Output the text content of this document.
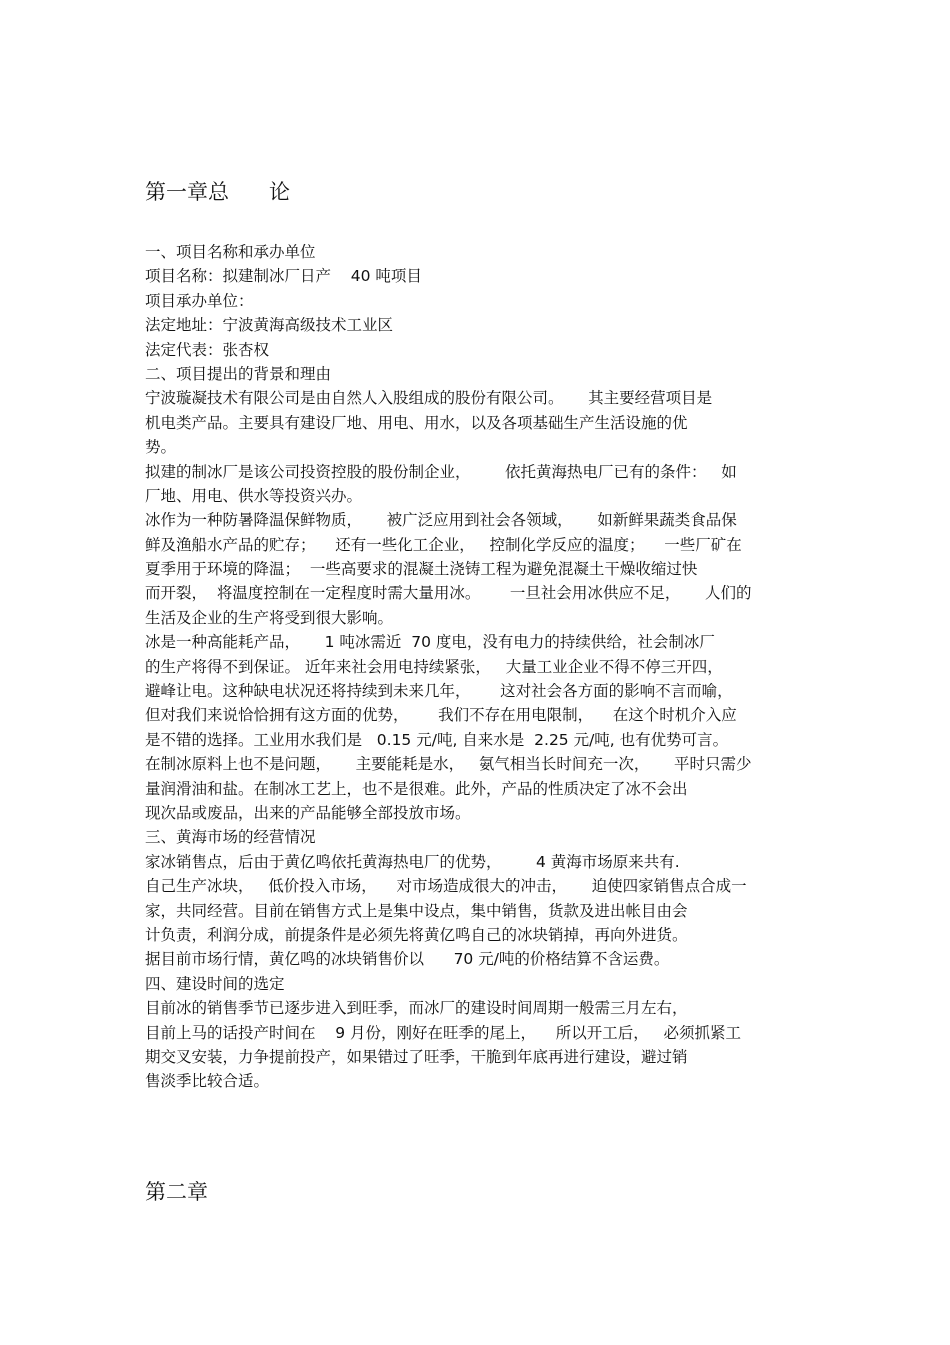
第一章总      论
一、项目名称和承办单位
项目名称：拟建制冰厂日产    40 吨项目
项目承办单位：
法定地址：宁波黄海高级技术工业区
法定代表：张杏权
二、项目提出的背景和理由
宁波璇凝技术有限公司是由自然人入股组成的股份有限公司。     其主要经营项目是
机电类产品。主要具有建设厂地、用电、用水，以及各项基础生产生活设施的优
势。
拟建的制冰厂是该公司投资控股的股份制企业，       依托黄海热电厂已有的条件：   如
厂地、用电、供水等投资兴办。
冰作为一种防暑降温保鲜物质，     被广泛应用到社会各领域，     如新鲜果蔬类食品保
鲜及渔船水产品的贮存；    还有一些化工企业，   控制化学反应的温度；    一些厂矿在
夏季用于环境的降温；  一些高要求的混凝土浇铸工程为避免混凝土干燥收缩过快
而开裂，  将温度控制在一定程度时需大量用冰。      一旦社会用冰供应不足，     人们的
生活及企业的生产将受到很大影响。
冰是一种高能耗产品，     1 吨冰需近  70 度电，没有电力的持续供给，社会制冰厂
的生产将得不到保证。 近年来社会用电持续紧张，   大量工业企业不得不停三开四，
避峰让电。这种缺电状况还将持续到未来几年，      这对社会各方面的影响不言而喻，
但对我们来说恰恰拥有这方面的优势，      我们不存在用电限制，    在这个时机介入应
是不错的选择。工业用水我们是   0.15 元/吨, 自来水是  2.25 元/吨, 也有优势可言。
在制冰原料上也不是问题，     主要能耗是水，   氨气相当长时间充一次，     平时只需少
量润滑油和盐。在制冰工艺上，也不是很难。此外，产品的性质决定了冰不会出
现次品或废品，出来的产品能够全部投放市场。
三、黄海市场的经营情况
家冰销售点，后由于黄亿鸣依托黄海热电厂的优势，       4 黄海市场原来共有.
自己生产冰块，   低价投入市场，    对市场造成很大的冲击，     迫使四家销售点合成一
家，共同经营。目前在销售方式上是集中设点，集中销售，货款及进出帐目由会
计负责，利润分成，前提条件是必须先将黄亿鸣自己的冰块销掉，再向外进货。
据目前市场行情，黄亿鸣的冰块销售价以      70 元/吨的价格结算不含运费。
四、建设时间的选定
目前冰的销售季节已逐步进入到旺季，而冰厂的建设时间周期一般需三月左右，
目前上马的话投产时间在    9 月份，刚好在旺季的尾上，    所以开工后，   必须抓紧工
期交叉安装，力争提前投产，如果错过了旺季，干脆到年底再进行建设，避过销
售淡季比较合适。
第二章
